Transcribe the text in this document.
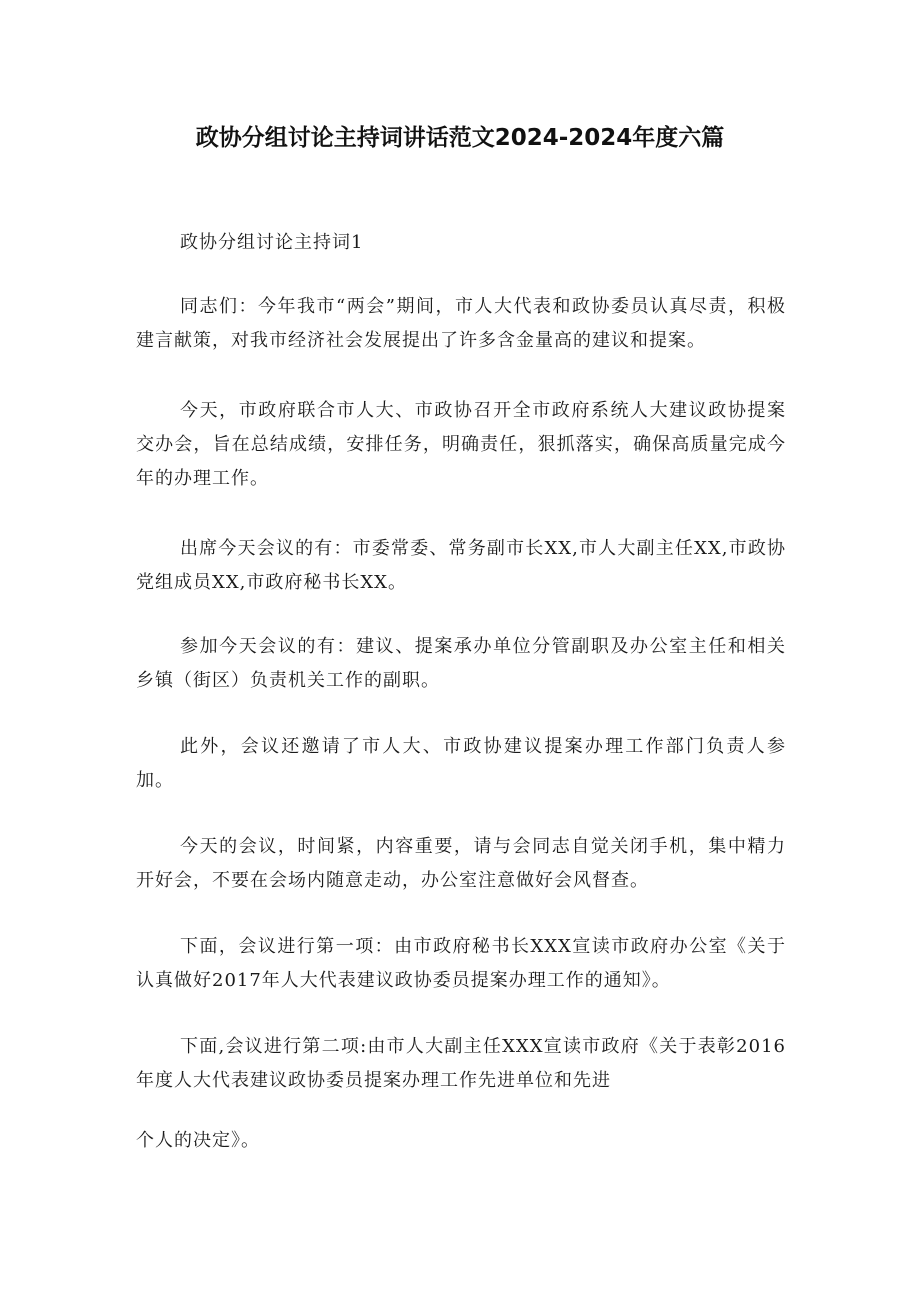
政协分组讨论主持词讲话范文2024-2024年度六篇
政协分组讨论主持词1
同志们：今年我市“两会”期间，市人大代表和政协委员认真尽责，积极建言献策，对我市经济社会发展提出了许多含金量高的建议和提案。
今天，市政府联合市人大、市政协召开全市政府系统人大建议政协提案交办会，旨在总结成绩，安排任务，明确责任，狠抓落实，确保高质量完成今年的办理工作。
出席今天会议的有：市委常委、常务副市长XX,市人大副主任XX,市政协党组成员XX,市政府秘书长XX。
参加今天会议的有：建议、提案承办单位分管副职及办公室主任和相关乡镇（街区）负责机关工作的副职。
此外，会议还邀请了市人大、市政协建议提案办理工作部门负责人参加。
今天的会议，时间紧，内容重要，请与会同志自觉关闭手机，集中精力开好会，不要在会场内随意走动，办公室注意做好会风督查。
下面，会议进行第一项：由市政府秘书长XXX宣读市政府办公室《关于认真做好2017年人大代表建议政协委员提案办理工作的通知》。
下面,会议进行第二项:由市人大副主任XXX宣读市政府《关于表彰2016年度人大代表建议政协委员提案办理工作先进单位和先进
个人的决定》。
